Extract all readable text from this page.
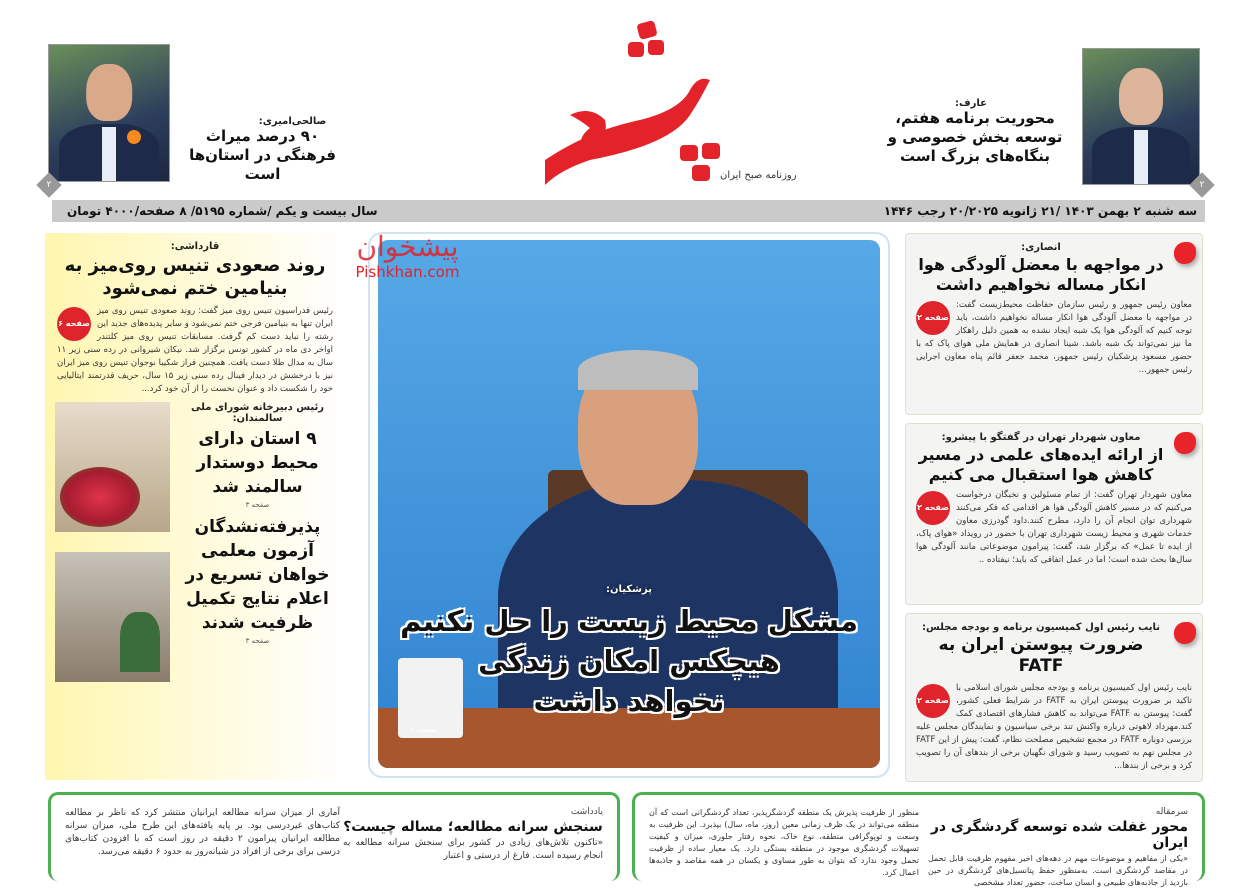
۲
عارف:
محوریت برنامه هفتم، توسعه بخش خصوصی و بنگاه‌های بزرگ است
روزنامه صبح ایران
صالحی‌امیری:
۹۰ درصد میراث فرهنگی در استان‌ها است
۲
سه شنبه ۲ بهمن ۱۴۰۳ /۲۱ ژانویه ۲۰/۲۰۲۵ رجب ۱۴۴۶
سال بیست و یکم /شماره ۵۱۹۵/ ۸ صفحه/۴۰۰۰ تومان
انصاری:
در مواجهه با معضل آلودگی هوا انکار مساله نخواهیم داشت
صفحه ۲
معاون رئیس جمهور و رئیس سازمان حفاظت محیط‌زیست گفت: در مواجهه با معضل آلودگی هوا انکار مساله نخواهیم داشت، باید توجه کنیم که آلودگی هوا یک شبه ایجاد نشده به همین دلیل راهکار ما نیز نمی‌تواند یک شبه باشد. شینا انصاری در همایش ملی هوای پاک که با حضور مسعود پزشکیان رئیس جمهور، محمد جعفر قائم پناه معاون اجرایی رئیس جمهور...
معاون شهردار تهران در گفتگو با پیشرو:
از ارائه ایده‌های علمی در مسیر کاهش هوا استقبال می کنیم
صفحه ۲
معاون شهردار تهران گفت: از تمام مسئولین و نخبگان درخواست می‌کنیم که در مسیر کاهش آلودگی هوا هر اقدامی که فکر می‌کنند شهرداری توان انجام آن را دارد، مطرح کنند.داود گودرزی معاون خدمات شهری و محیط زیست شهرداری تهران با حضور در رویداد «هوای پاک، از ایده تا عمل» که برگزار شد، گفت: پیرامون موضوعاتی مانند آلودگی هوا سال‌ها بحث شده است؛ اما در عمل اتفاقی که باید؛ نیفتاده ..
نایب رئیس اول کمیسیون برنامه و بودجه مجلس:
ضرورت پیوستن ایران به FATF
صفحه ۲
نایب رئیس اول کمیسیون برنامه و بودجه مجلس شورای اسلامی با تاکید بر ضرورت پیوستن ایران به FATF در شرایط فعلی کشور، گفت: پیوستن به FATF می‌تواند به کاهش فشارهای اقتصادی کمک کند.مهرداد لاهوتی درباره واکنش تند برخی سیاسیون و نمایندگان مجلس علیه بررسی دوباره FATF در مجمع تشخیص مصلحت نظام، گفت: پیش از این FATF در مجلس نهم به تصویب رسید و شورای نگهبان برخی از بندهای آن را تصویب کرد و برخی از بندها...
پزشکیان:
مشکل محیط زیست را حل نکنیم
هیچکس امکان زندگی
نخواهد داشت
صفحه ۲
پیشخوان
Pishkhan.com
قارداشی:
روند صعودی تنیس روی‌میز به بنیامین ختم نمی‌شود
صفحه ۶
رئیس فدراسیون تنیس روی میز گفت: روند صعودی تنیس روی میز ایران تنها به بنیامین فرجی ختم نمی‌شود و سایر پدیده‌های جدید این رشته را نباید دست کم گرفت. مسابقات تنیس روی میز کلتندر اواخر دی ماه در کشور تونس برگزار شد. نیکان شیروانی در رده سنی زیر ۱۱ سال به مدال طلا دست یافت. همچنین فراز شکیبا نوجوان تنیس روی میز ایران نیز با درخشش در دیدار فینال رده سنی زیر ۱۵ سال، حریف قدرتمند ایتالیایی خود را شکست داد و عنوان نخست را از آن خود کرد...
رئیس دبیرخانه شورای ملی سالمندان:
۹ استان دارای محیط دوستدار سالمند شد
صفحه ۳
پذیرفته‌نشدگان آزمون معلمی خواهان تسریع در اعلام نتایج تکمیل ظرفیت شدند
صفحه ۳
سرمقاله
محور غفلت شده توسعه گردشگری در ایران
«یکی از مفاهیم و موضوعات مهم در دهه‌های اخیر مفهوم ظرفیت قابل تحمل در مقاصد گردشگری است. به‌منظور حفظ پتانسیل‌های گردشگری در حین بازدید از جاذبه‌های طبیعی و انسان ساخت، حضور تعداد مشخصی
منظور از ظرفیت پذیرش یک منطقه گردشگرپذیر، تعداد گردشگرانی است که آن منطقه می‌تواند در یک ظرف زمانی معین (روز، ماه، سال) بپذیرد. این ظرفیت به وسعت و توپوگرافی منطقه، نوع خاک، نحوه رفتار جلوری، میزان و کیفیت تسهیلات گردشگری موجود در منطقه بستگی دارد. یک معیار ساده از ظرفیت تحمل وجود ندارد که بتوان به طور مساوی و یکسان در همه مقاصد و جاذبه‌ها اعمال کرد.
یادداشت
سنجش سرانه مطالعه؛ مساله چیست؟
«تاکنون تلاش‌های زیادی در کشور برای سنجش سرانه مطالعه به انجام رسیده است. فارغ از درستی و اعتبار
آماری از میزان سرانه مطالعه ایرانیان منتشر کرد که ناظر بر مطالعه کتاب‌های غیردرسی بود. بر پایه یافته‌های این طرح ملی، میزان سرانه مطالعه ایرانیان پیرامون ۲ دقیقه در روز است که با افزودن کتاب‌های درسی برای برخی از افراد در شبانه‌روز به حدود ۶ دقیقه می‌رسد.
